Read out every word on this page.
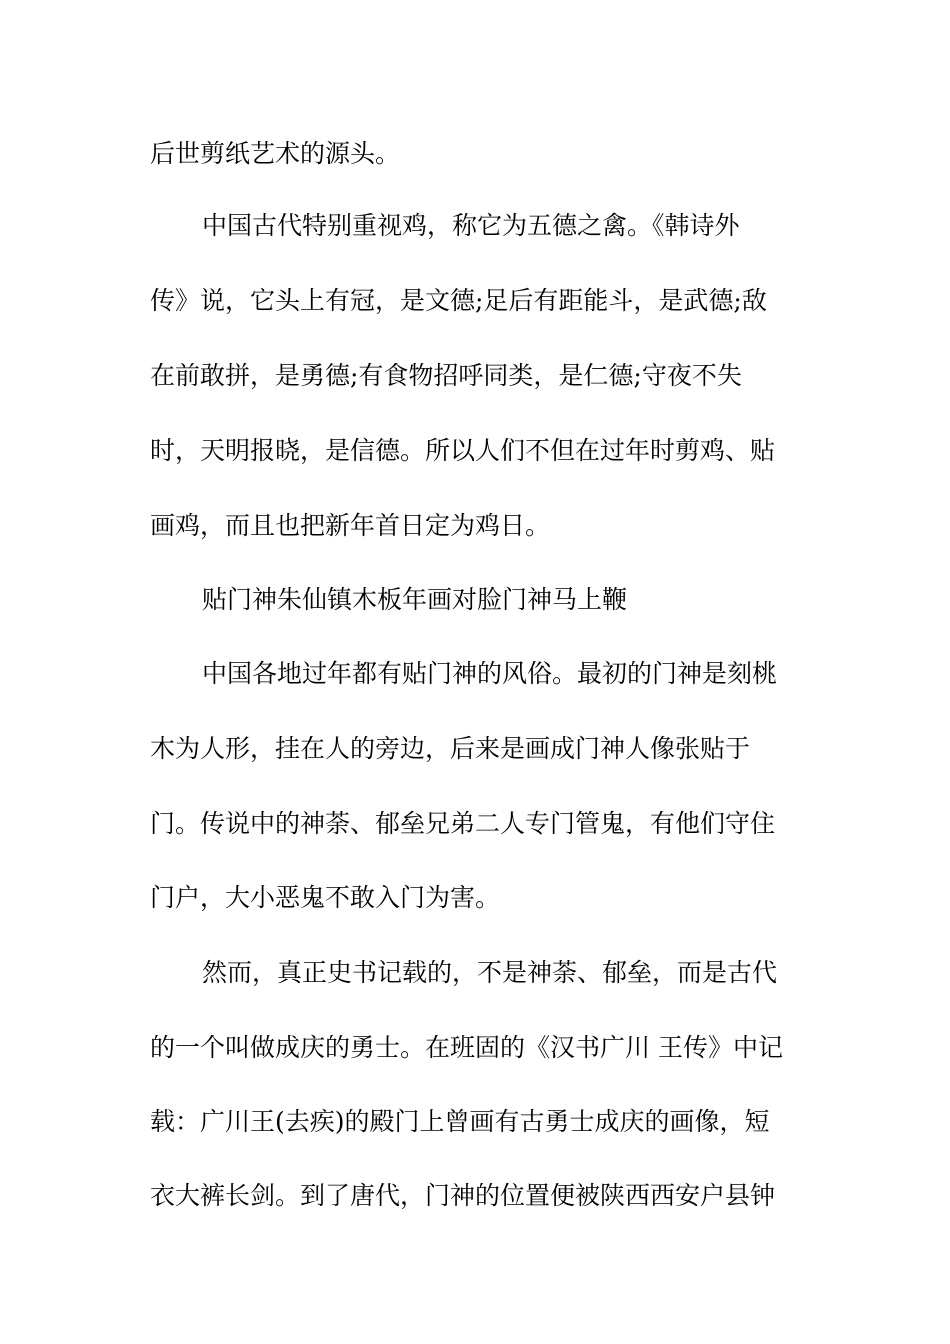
后世剪纸艺术的源头。
中国古代特别重视鸡，称它为五德之禽。《韩诗外
传》说，它头上有冠，是文德;足后有距能斗，是武德;敌
在前敢拼，是勇德;有食物招呼同类，是仁德;守夜不失
时，天明报晓，是信德。所以人们不但在过年时剪鸡、贴
画鸡，而且也把新年首日定为鸡日。
贴门神朱仙镇木板年画对脸门神马上鞭
中国各地过年都有贴门神的风俗。最初的门神是刻桃
木为人形，挂在人的旁边，后来是画成门神人像张贴于
门。传说中的神荼、郁垒兄弟二人专门管鬼，有他们守住
门户，大小恶鬼不敢入门为害。
然而，真正史书记载的，不是神荼、郁垒，而是古代
的一个叫做成庆的勇士。在班固的《汉书广川 王传》中记
载：广川王(去疾)的殿门上曾画有古勇士成庆的画像，短
衣大裤长剑。到了唐代，门神的位置便被陕西西安户县钟
